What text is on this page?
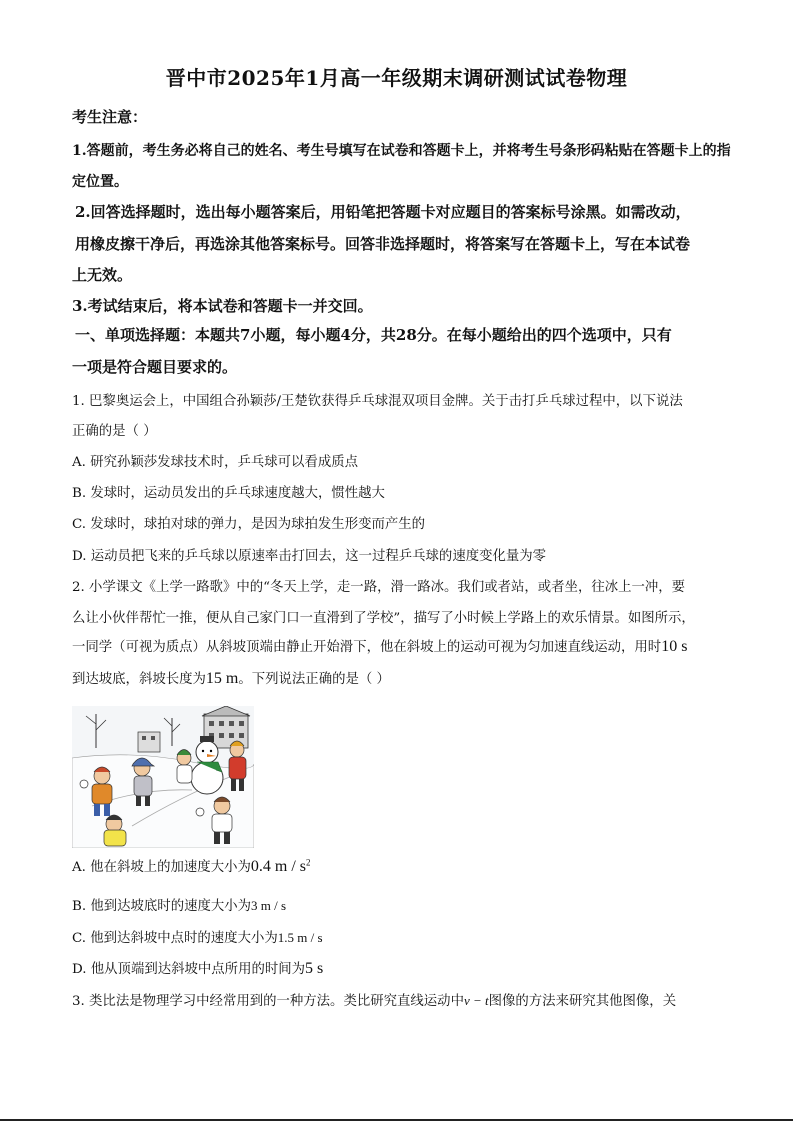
晋中市2025年1月高一年级期末调研测试试卷物理
考生注意：
1.答题前，考生务必将自己的姓名、考生号填写在试卷和答题卡上，并将考生号条形码粘贴在答题卡上的指
定位置。
2.回答选择题时，选出每小题答案后，用铅笔把答题卡对应题目的答案标号涂黑。如需改动，
用橡皮擦干净后，再选涂其他答案标号。回答非选择题时，将答案写在答题卡上，写在本试卷
上无效。
3.考试结束后，将本试卷和答题卡一并交回。
一、单项选择题：本题共7小题，每小题4分，共28分。在每小题给出的四个选项中，只有
一项是符合题目要求的。
1. 巴黎奥运会上，中国组合孙颖莎/王楚钦获得乒乓球混双项目金牌。关于击打乒乓球过程中，以下说法
正确的是（ ）
A. 研究孙颖莎发球技术时，乒乓球可以看成质点
B. 发球时，运动员发出的乒乓球速度越大，惯性越大
C. 发球时，球拍对球的弹力，是因为球拍发生形变而产生的
D. 运动员把飞来的乒乓球以原速率击打回去，这一过程乒乓球的速度变化量为零
2. 小学课文《上学一路歌》中的“冬天上学，走一路，滑一路冰。我们或者站，或者坐，往冰上一冲，要
么让小伙伴帮忙一推，便从自己家门口一直滑到了学校”，描写了小时候上学路上的欢乐情景。如图所示，
一同学（可视为质点）从斜坡顶端由静止开始滑下，他在斜坡上的运动可视为匀加速直线运动，用时10 s
到达坡底，斜坡长度为15 m。下列说法正确的是（ ）
A. 他在斜坡上的加速度大小为0.4 m / $s^2$
B. 他到达坡底时的速度大小为3 m / s
C. 他到达斜坡中点时的速度大小为1.5 m / s
D. 他从顶端到达斜坡中点所用的时间为5 s
3. 类比法是物理学习中经常用到的一种方法。类比研究直线运动中v − t图像的方法来研究其他图像，关
